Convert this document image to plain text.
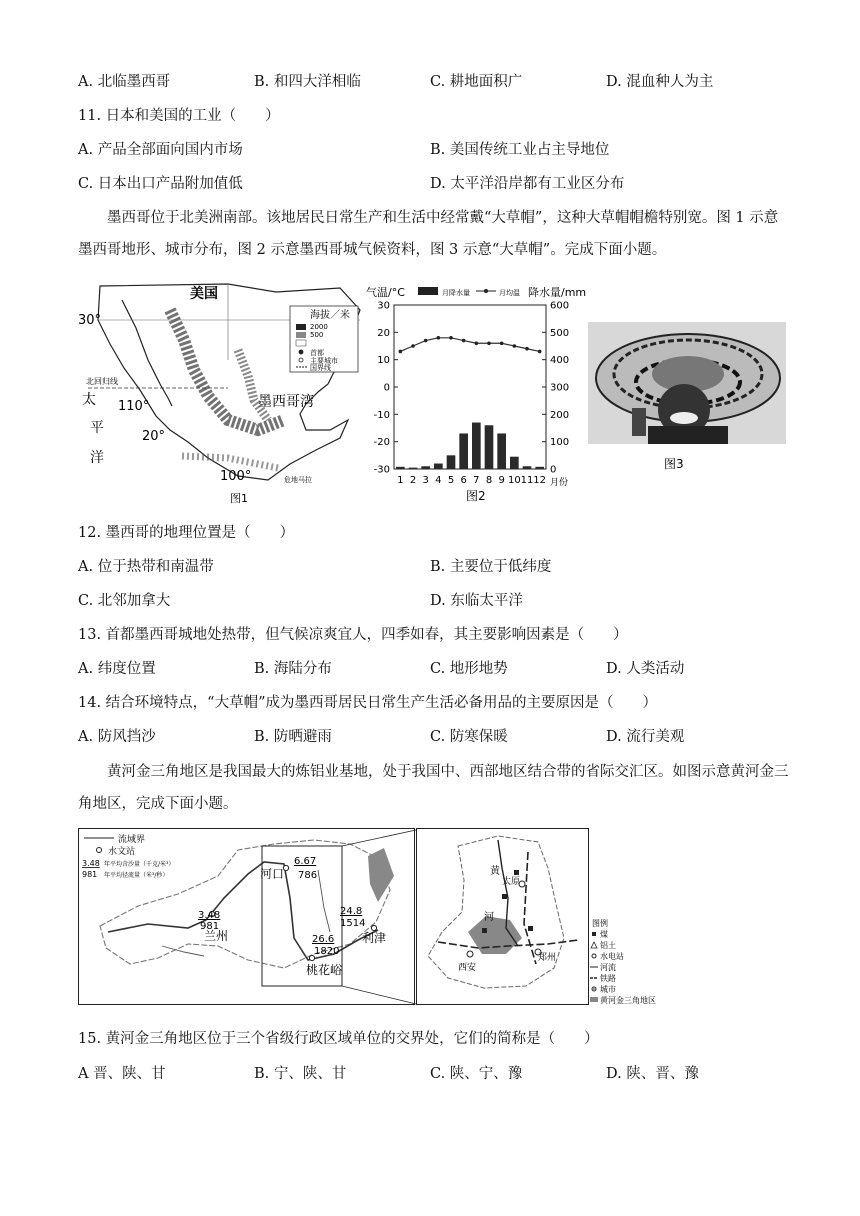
A. 北临墨西哥	B. 和四大洋相临	C. 耕地面积广	D. 混血种人为主
11. 日本和美国的工业（　　）
A. 产品全部面向国内市场	B. 美国传统工业占主导地位
C. 日本出口产品附加值低	D. 太平洋沿岸都有工业区分布
墨西哥位于北美洲南部。该地居民日常生产和生活中经常戴“大草帽”，这种大草帽帽檐特别宽。图 1 示意墨西哥地形、城市分布，图 2 示意墨西哥城气候资料，图 3 示意“大草帽”。完成下面小题。
海拔／米
2000
500
首都
主要城市
国界线
美国
30°
北回归线
110°
太
平
洋
20°
墨西哥湾
100°	危地马拉
图1
气温/°C	月降水量	月均温 降水量/mm
-30
-20
-10
0
10
20
30
0
100
200
300
400
500
600
1 2 3 4 5 6 7 8 9 10 11 12 月份
图2
图3
12. 墨西哥的地理位置是（　　）
A. 位于热带和南温带	B. 主要位于低纬度
C. 北邻加拿大	D. 东临太平洋
13. 首都墨西哥城地处热带，但气候凉爽宜人，四季如春，其主要影响因素是（　　）
A. 纬度位置	B. 海陆分布	C. 地形地势	D. 人类活动
14. 结合环境特点，“大草帽”成为墨西哥居民日常生产生活必备用品的主要原因是（　　）
A. 防风挡沙	B. 防晒避雨	C. 防寒保暖	D. 流行美观
黄河金三角地区是我国最大的炼铝业基地，处于我国中、西部地区结合带的省际交汇区。如图示意黄河金三角地区，完成下面小题。
流域界
水文站
3.48 年平均含沙量（千克/米³）
981 年平均径流量（米³/秒）
3.48
981
兰州
6.67
786
河口
26.6
1820
桃花峪
24.8
1514
利津
黄
河
太原
西安
郑州
图例
煤
铝土
水电站
河流
铁路
城市
黄河金三角地区
15. 黄河金三角地区位于三个省级行政区域单位的交界处，它们的简称是（　　）
A 晋、陕、甘	B. 宁、陕、甘	C. 陕、宁、豫	D. 陕、晋、豫
